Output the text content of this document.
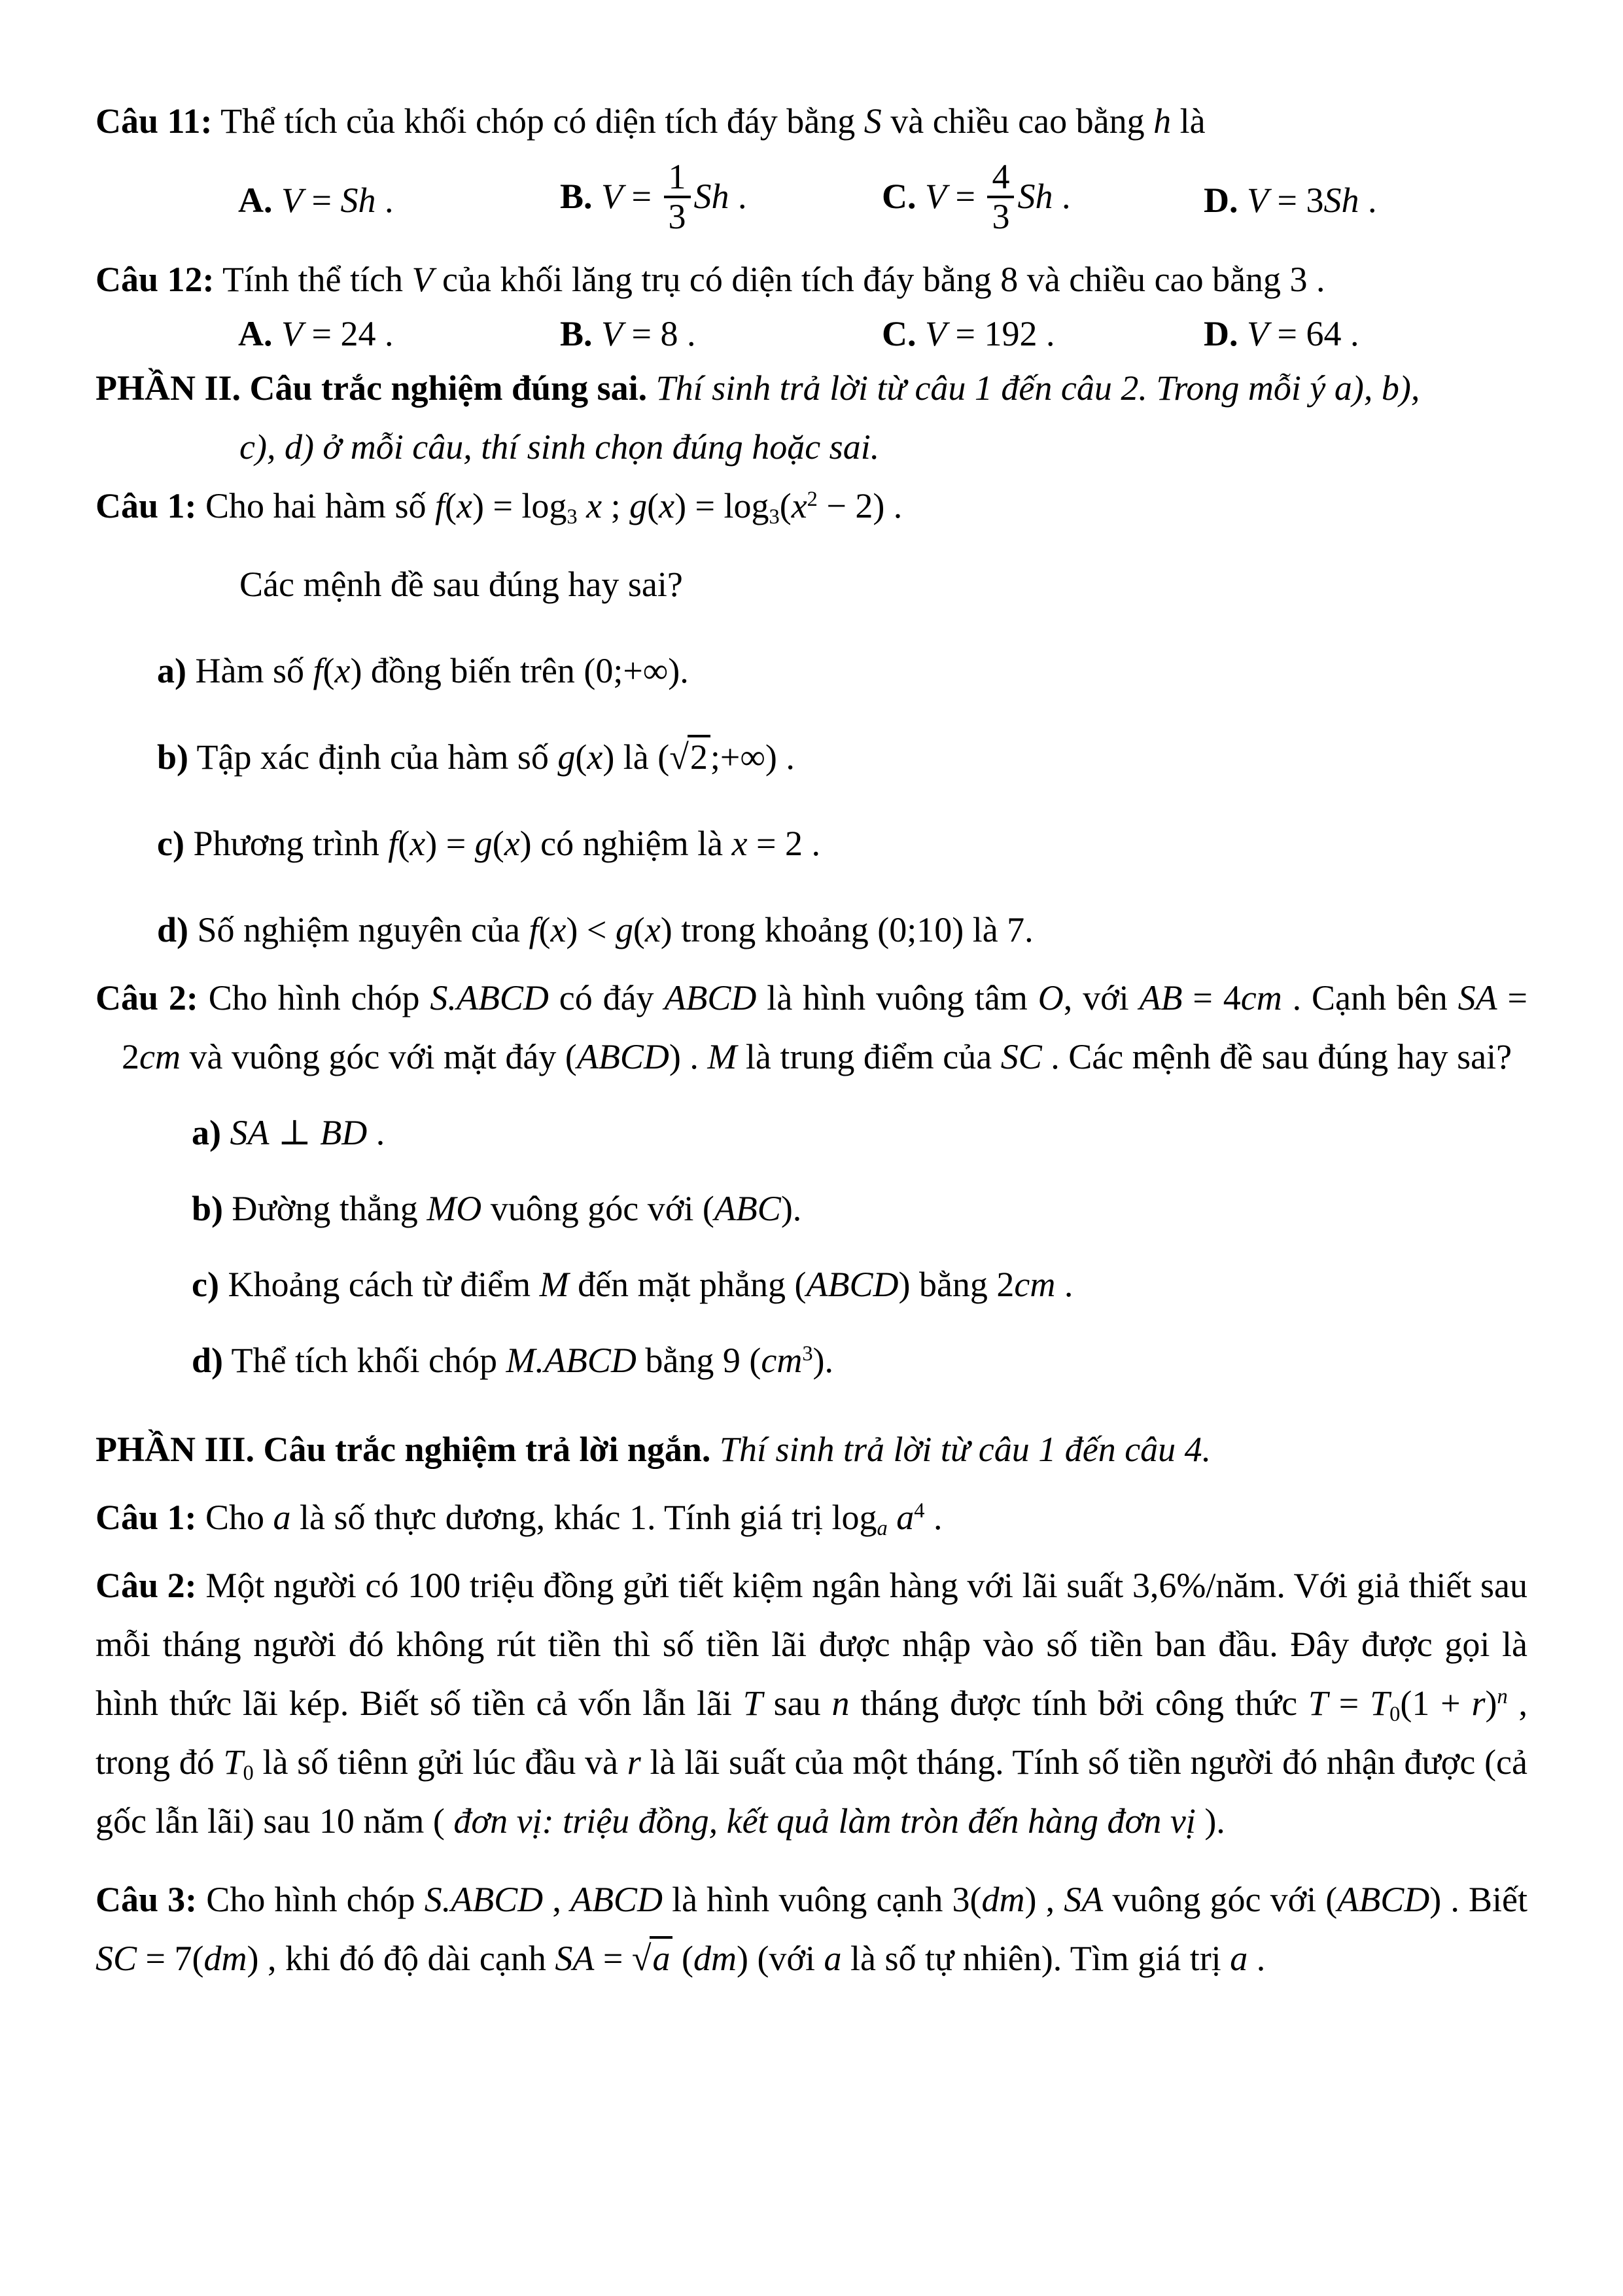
Câu 11: Thể tích của khối chóp có diện tích đáy bằng S và chiều cao bằng h là
A. V = Sh .	B. $V = \frac{1}{3}$ Sh .	C. $V = \frac{4}{3}$ Sh .	D. V = 3Sh .
Câu 12: Tính thể tích V của khối lăng trụ có diện tích đáy bằng 8 và chiều cao bằng 3 .
A. V = 24 .	B. V = 8 .	C. V = 192 .	D. V = 64 .
PHẦN II. Câu trắc nghiệm đúng sai. Thí sinh trả lời từ câu 1 đến câu 2. Trong mỗi ý a), b),
c), d) ở mỗi câu, thí sinh chọn đúng hoặc sai.
Câu 1: Cho hai hàm số $f(x) = \log_3 x$ ; $g(x) = \log_3(x^2 - 2)$ .
Các mệnh đề sau đúng hay sai?
a) Hàm số f(x) đồng biến trên (0;+∞).
b) Tập xác định của hàm số g(x) là (√2;+∞) .
c) Phương trình f(x) = g(x) có nghiệm là x = 2 .
d) Số nghiệm nguyên của f(x) < g(x) trong khoảng (0;10) là 7.
Câu 2: Cho hình chóp S.ABCD có đáy ABCD là hình vuông tâm O, với AB = 4cm . Cạnh bên SA = 2cm và vuông góc với mặt đáy (ABCD) . M là trung điểm của SC . Các mệnh đề sau đúng hay sai?
a) SA ⊥ BD .
b) Đường thẳng MO vuông góc với (ABC).
c) Khoảng cách từ điểm M đến mặt phẳng (ABCD) bằng 2cm .
d) Thể tích khối chóp M.ABCD bằng 9 $(cm^3)$.
PHẦN III. Câu trắc nghiệm trả lời ngắn. Thí sinh trả lời từ câu 1 đến câu 4.
Câu 1: Cho a là số thực dương, khác 1. Tính giá trị $\log_a a^4$ .
Câu 2: Một người có 100 triệu đồng gửi tiết kiệm ngân hàng với lãi suất 3,6%/năm. Với giả thiết sau mỗi tháng người đó không rút tiền thì số tiền lãi được nhập vào số tiền ban đầu. Đây được gọi là hình thức lãi kép. Biết số tiền cả vốn lẫn lãi T sau n tháng được tính bởi công thức $T = T_0(1 + r)^n$ , trong đó $T_0$ là số tiênn gửi lúc đầu và r là lãi suất của một tháng. Tính số tiền người đó nhận được (cả gốc lẫn lãi) sau 10 năm ( đơn vị: triệu đồng, kết quả làm tròn đến hàng đơn vị ).
Câu 3: Cho hình chóp S.ABCD , ABCD là hình vuông cạnh 3(dm) , SA vuông góc với (ABCD) . Biết SC = 7(dm) , khi đó độ dài cạnh SA = √a (dm) (với a là số tự nhiên). Tìm giá trị a .
